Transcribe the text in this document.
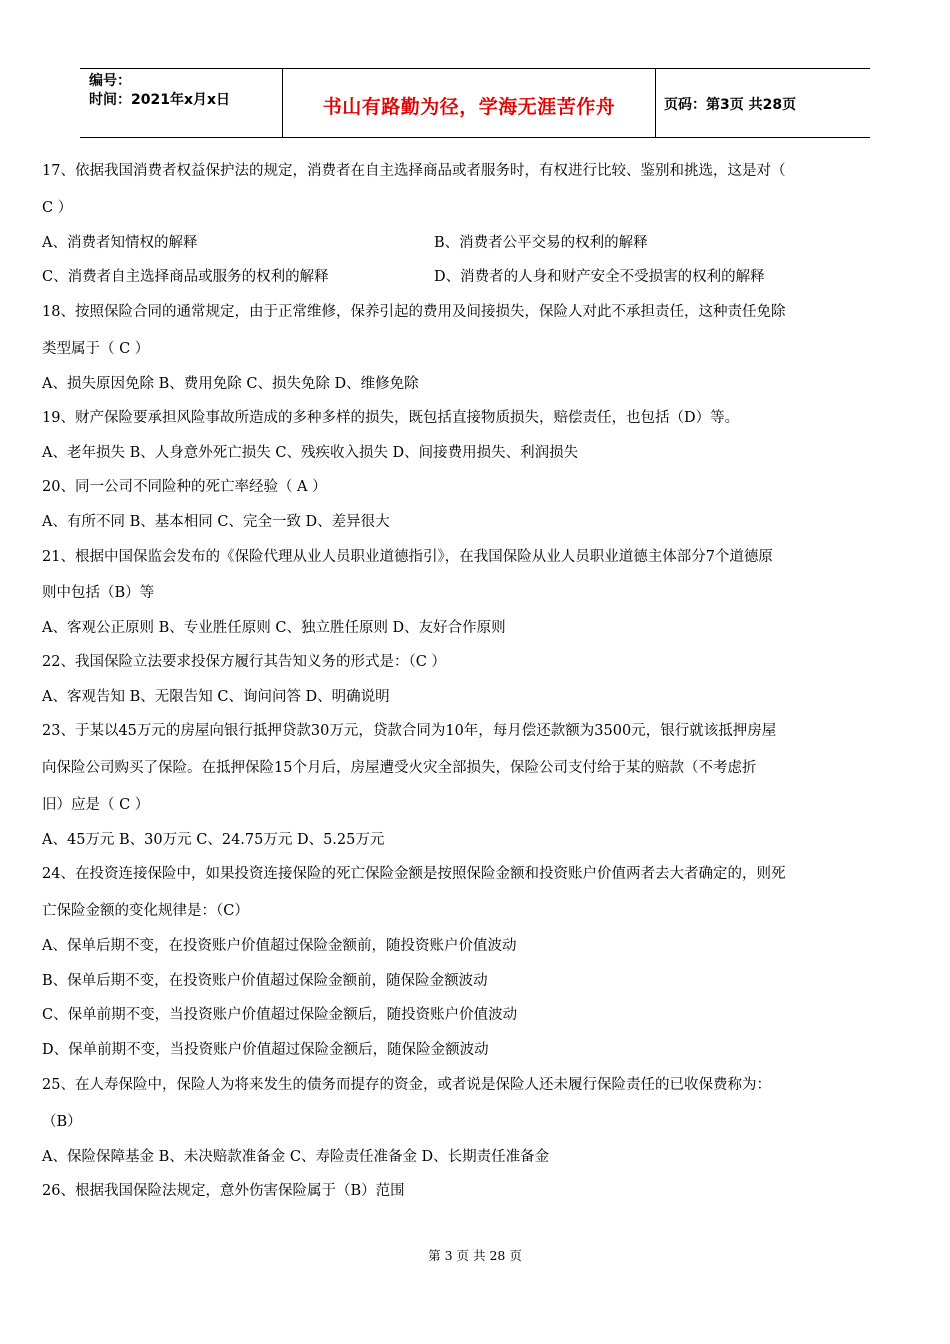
编号：
时间：2021年x月x日	书山有路勤为径，学海无涯苦作舟	页码：第3页 共28页
17、依据我国消费者权益保护法的规定，消费者在自主选择商品或者服务时，有权进行比较、鉴别和挑选，这是对（
C ）
A、消费者知情权的解释	B、消费者公平交易的权利的解释
C、消费者自主选择商品或服务的权利的解释	D、消费者的人身和财产安全不受损害的权利的解释
18、按照保险合同的通常规定，由于正常维修，保养引起的费用及间接损失，保险人对此不承担责任，这种责任免除
类型属于（ C ）
A、损失原因免除 B、费用免除 C、损失免除 D、维修免除
19、财产保险要承担风险事故所造成的多种多样的损失，既包括直接物质损失，赔偿责任，也包括（D）等。
A、老年损失 B、人身意外死亡损失 C、残疾收入损失 D、间接费用损失、利润损失
20、同一公司不同险种的死亡率经验（ A ）
A、有所不同 B、基本相同 C、完全一致 D、差异很大
21、根据中国保监会发布的《保险代理从业人员职业道德指引》，在我国保险从业人员职业道德主体部分7个道德原
则中包括（B）等
A、客观公正原则 B、专业胜任原则 C、独立胜任原则 D、友好合作原则
22、我国保险立法要求投保方履行其告知义务的形式是：（C ）
A、客观告知 B、无限告知 C、询问问答 D、明确说明
23、于某以45万元的房屋向银行抵押贷款30万元，贷款合同为10年，每月偿还款额为3500元，银行就该抵押房屋
向保险公司购买了保险。在抵押保险15个月后，房屋遭受火灾全部损失，保险公司支付给于某的赔款（不考虑折
旧）应是（ C ）
A、45万元 B、30万元 C、24.75万元 D、5.25万元
24、在投资连接保险中，如果投资连接保险的死亡保险金额是按照保险金额和投资账户价值两者去大者确定的，则死
亡保险金额的变化规律是：（C）
A、保单后期不变，在投资账户价值超过保险金额前，随投资账户价值波动
B、保单后期不变，在投资账户价值超过保险金额前，随保险金额波动
C、保单前期不变，当投资账户价值超过保险金额后，随投资账户价值波动
D、保单前期不变，当投资账户价值超过保险金额后，随保险金额波动
25、在人寿保险中，保险人为将来发生的债务而提存的资金，或者说是保险人还未履行保险责任的已收保费称为：
（B）
A、保险保障基金 B、未决赔款准备金 C、寿险责任准备金 D、长期责任准备金
26、根据我国保险法规定，意外伤害保险属于（B）范围
第 3 页 共 28 页
